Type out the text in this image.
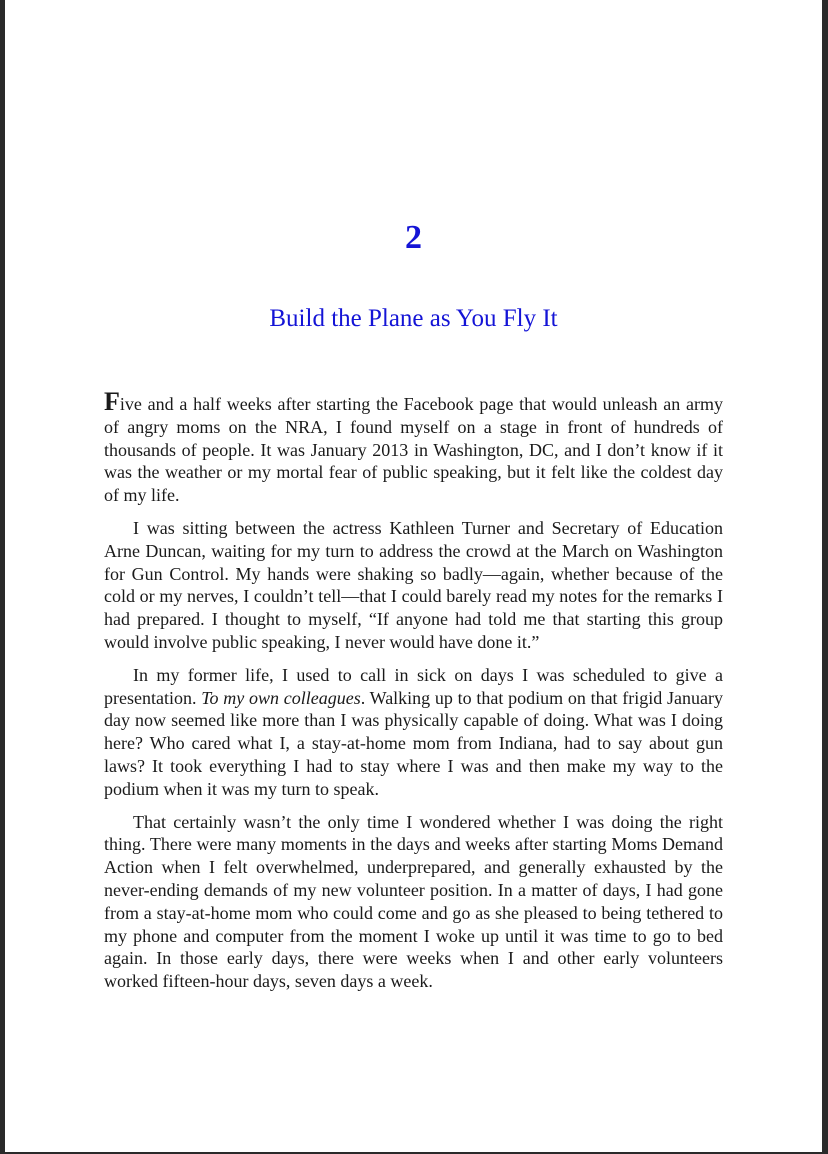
2
Build the Plane as You Fly It

Five and a half weeks after starting the Facebook page that would unleash an army of angry moms on the NRA, I found myself on a stage in front of hundreds of thousands of people. It was January 2013 in Washington, DC, and I don’t know if it was the weather or my mortal fear of public speaking, but it felt like the coldest day of my life.

I was sitting between the actress Kathleen Turner and Secretary of Education Arne Duncan, waiting for my turn to address the crowd at the March on Washington for Gun Control. My hands were shaking so badly—again, whether because of the cold or my nerves, I couldn’t tell—that I could barely read my notes for the remarks I had prepared. I thought to myself, “If anyone had told me that starting this group would involve public speaking, I never would have done it.”

In my former life, I used to call in sick on days I was scheduled to give a presentation. To my own colleagues. Walking up to that podium on that frigid January day now seemed like more than I was physically capable of doing. What was I doing here? Who cared what I, a stay-at-home mom from Indiana, had to say about gun laws? It took everything I had to stay where I was and then make my way to the podium when it was my turn to speak.

That certainly wasn’t the only time I wondered whether I was doing the right thing. There were many moments in the days and weeks after starting Moms Demand Action when I felt overwhelmed, underprepared, and generally exhausted by the never-ending demands of my new volunteer position. In a matter of days, I had gone from a stay-at-home mom who could come and go as she pleased to being tethered to my phone and computer from the moment I woke up until it was time to go to bed again. In those early days, there were weeks when I and other early volunteers worked fifteen-hour days, seven days a week.
